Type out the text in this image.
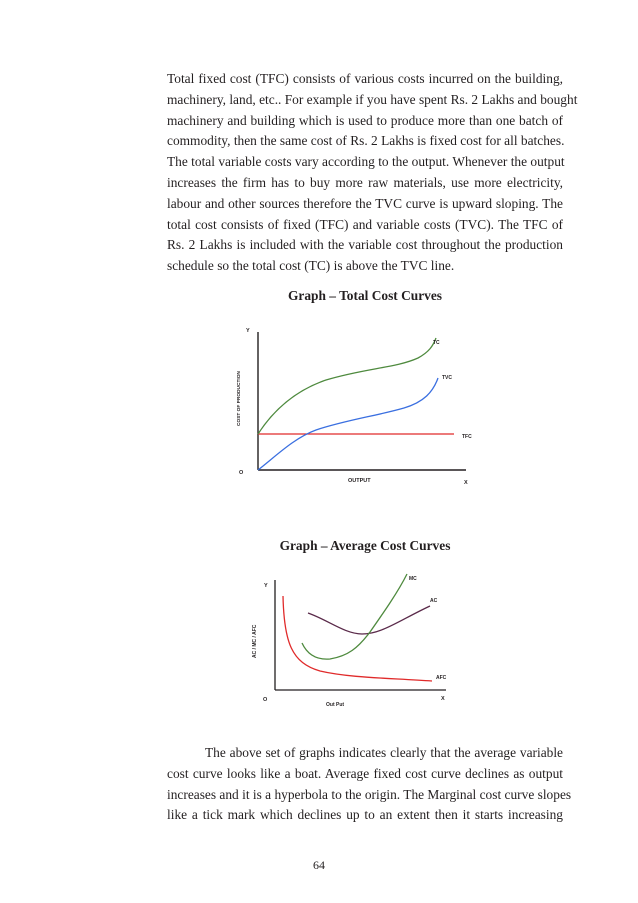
Total fixed cost (TFC) consists of various costs incurred on the building,
machinery, land, etc.. For example if you have spent Rs. 2 Lakhs and bought
machinery and building which is used to produce more than one batch of
commodity, then the same cost of Rs. 2 Lakhs is fixed cost for all batches.
The total variable costs vary according to the output. Whenever the output
increases the firm has to buy more raw materials, use more electricity,
labour and other sources therefore the TVC curve is upward sloping. The
total cost consists of fixed (TFC) and variable costs (TVC). The TFC of
Rs. 2 Lakhs is included with the variable cost throughout the production
schedule so the total cost (TC) is above the TVC line.
Graph – Total Cost Curves
Y
O
X
OUTPUT
COST OF PRODUCTION
TC
TVC
TFC
Graph – Average Cost Curves
Y
O	X
Out Put
AC / MC / AFC
MC
AC
AFC
The above set of graphs indicates clearly that the average variable
cost curve looks like a boat. Average fixed cost curve declines as output
increases and it is a hyperbola to the origin. The Marginal cost curve slopes
like a tick mark which declines up to an extent then it starts increasing
64
